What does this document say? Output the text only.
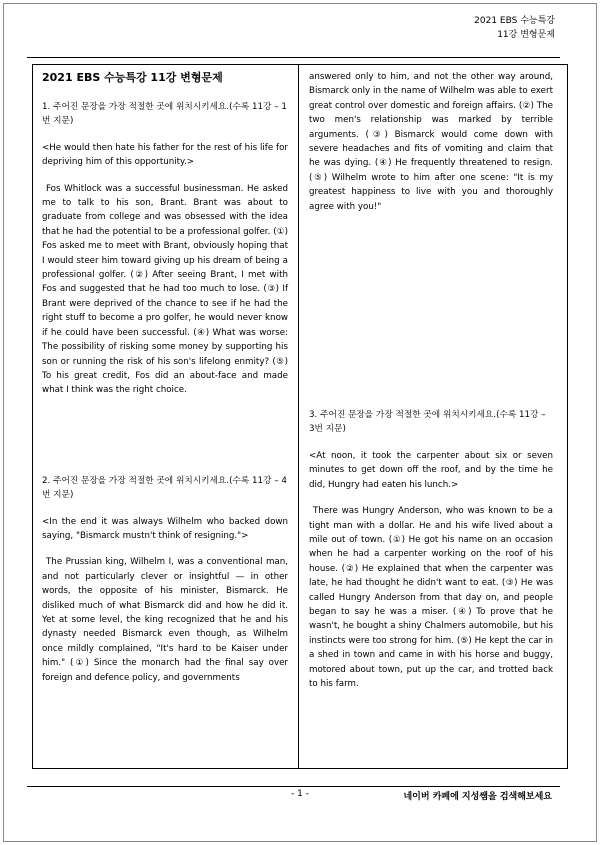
2021 EBS 수능특강
11강 변형문제
2021 EBS 수능특강 11강 변형문제
1. 주어진 문장을 가장 적절한 곳에 위치시키세요.(수록 11강 – 1번 지문)
<He would then hate his father for the rest of his life for depriving him of this opportunity.>
Fos Whitlock was a successful businessman. He asked me to talk to his son, Brant. Brant was about to graduate from college and was obsessed with the idea that he had the potential to be a professional golfer. (①) Fos asked me to meet with Brant, obviously hoping that I would steer him toward giving up his dream of being a professional golfer. (②) After seeing Brant, I met with Fos and suggested that he had too much to lose. (③) If Brant were deprived of the chance to see if he had the right stuff to become a pro golfer, he would never know if he could have been successful. (④) What was worse: The possibility of risking some money by supporting his son or running the risk of his son's lifelong enmity? (⑤) To his great credit, Fos did an about-face and made what I think was the right choice.
2. 주어진 문장을 가장 적절한 곳에 위치시키세요.(수록 11강 – 4번 지문)
<In the end it was always Wilhelm who backed down saying, "Bismarck mustn't think of resigning.">
The Prussian king, Wilhelm I, was a conventional man, and not particularly clever or insightful — in other words, the opposite of his minister, Bismarck. He disliked much of what Bismarck did and how he did it. Yet at some level, the king recognized that he and his dynasty needed Bismarck even though, as Wilhelm once mildly complained, "It's hard to be Kaiser under him." (①) Since the monarch had the final say over foreign and defence policy, and governments
answered only to him, and not the other way around, Bismarck only in the name of Wilhelm was able to exert great control over domestic and foreign affairs. (②) The two men's relationship was marked by terrible arguments. (③) Bismarck would come down with severe headaches and fits of vomiting and claim that he was dying. (④) He frequently threatened to resign. (⑤) Wilhelm wrote to him after one scene: "It is my greatest happiness to live with you and thoroughly agree with you!"
3. 주어진 문장을 가장 적절한 곳에 위치시키세요.(수록 11강 – 3번 지문)
<At noon, it took the carpenter about six or seven minutes to get down off the roof, and by the time he did, Hungry had eaten his lunch.>
There was Hungry Anderson, who was known to be a tight man with a dollar. He and his wife lived about a mile out of town. (①) He got his name on an occasion when he had a carpenter working on the roof of his house. (②) He explained that when the carpenter was late, he had thought he didn't want to eat. (③) He was called Hungry Anderson from that day on, and people began to say he was a miser. (④) To prove that he wasn't, he bought a shiny Chalmers automobile, but his instincts were too strong for him. (⑤) He kept the car in a shed in town and came in with his horse and buggy, motored about town, put up the car, and trotted back to his farm.
- 1 -	네이버 카페에 지성쌤을 검색해보세요
